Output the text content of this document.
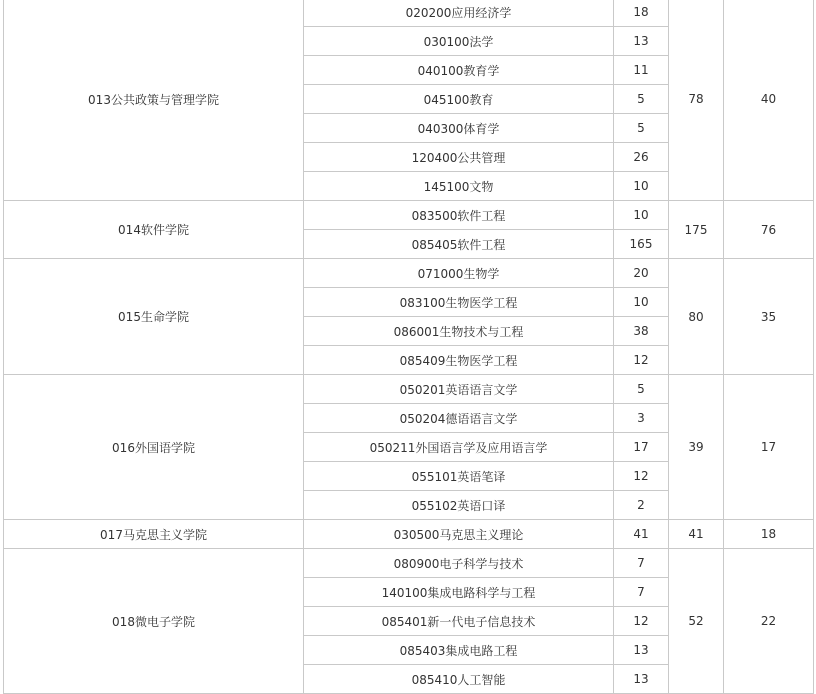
013公共政策与管理学院	020200应用经济学	18	78	40
	030100法学	13		
	040100教育学	11		
	045100教育	5		
	040300体育学	5		
	120400公共管理	26		
	145100文物	10		
014软件学院	083500软件工程	10	175	76
	085405软件工程	165		
015生命学院	071000生物学	20	80	35
	083100生物医学工程	10		
	086001生物技术与工程	38		
	085409生物医学工程	12		
016外国语学院	050201英语语言文学	5	39	17
	050204德语语言文学	3		
	050211外国语言学及应用语言学	17		
	055101英语笔译	12		
	055102英语口译	2		
017马克思主义学院	030500马克思主义理论	41	41	18
018微电子学院	080900电子科学与技术	7	52	22
	140100集成电路科学与工程	7		
	085401新一代电子信息技术	12		
	085403集成电路工程	13		
	085410人工智能	13		
